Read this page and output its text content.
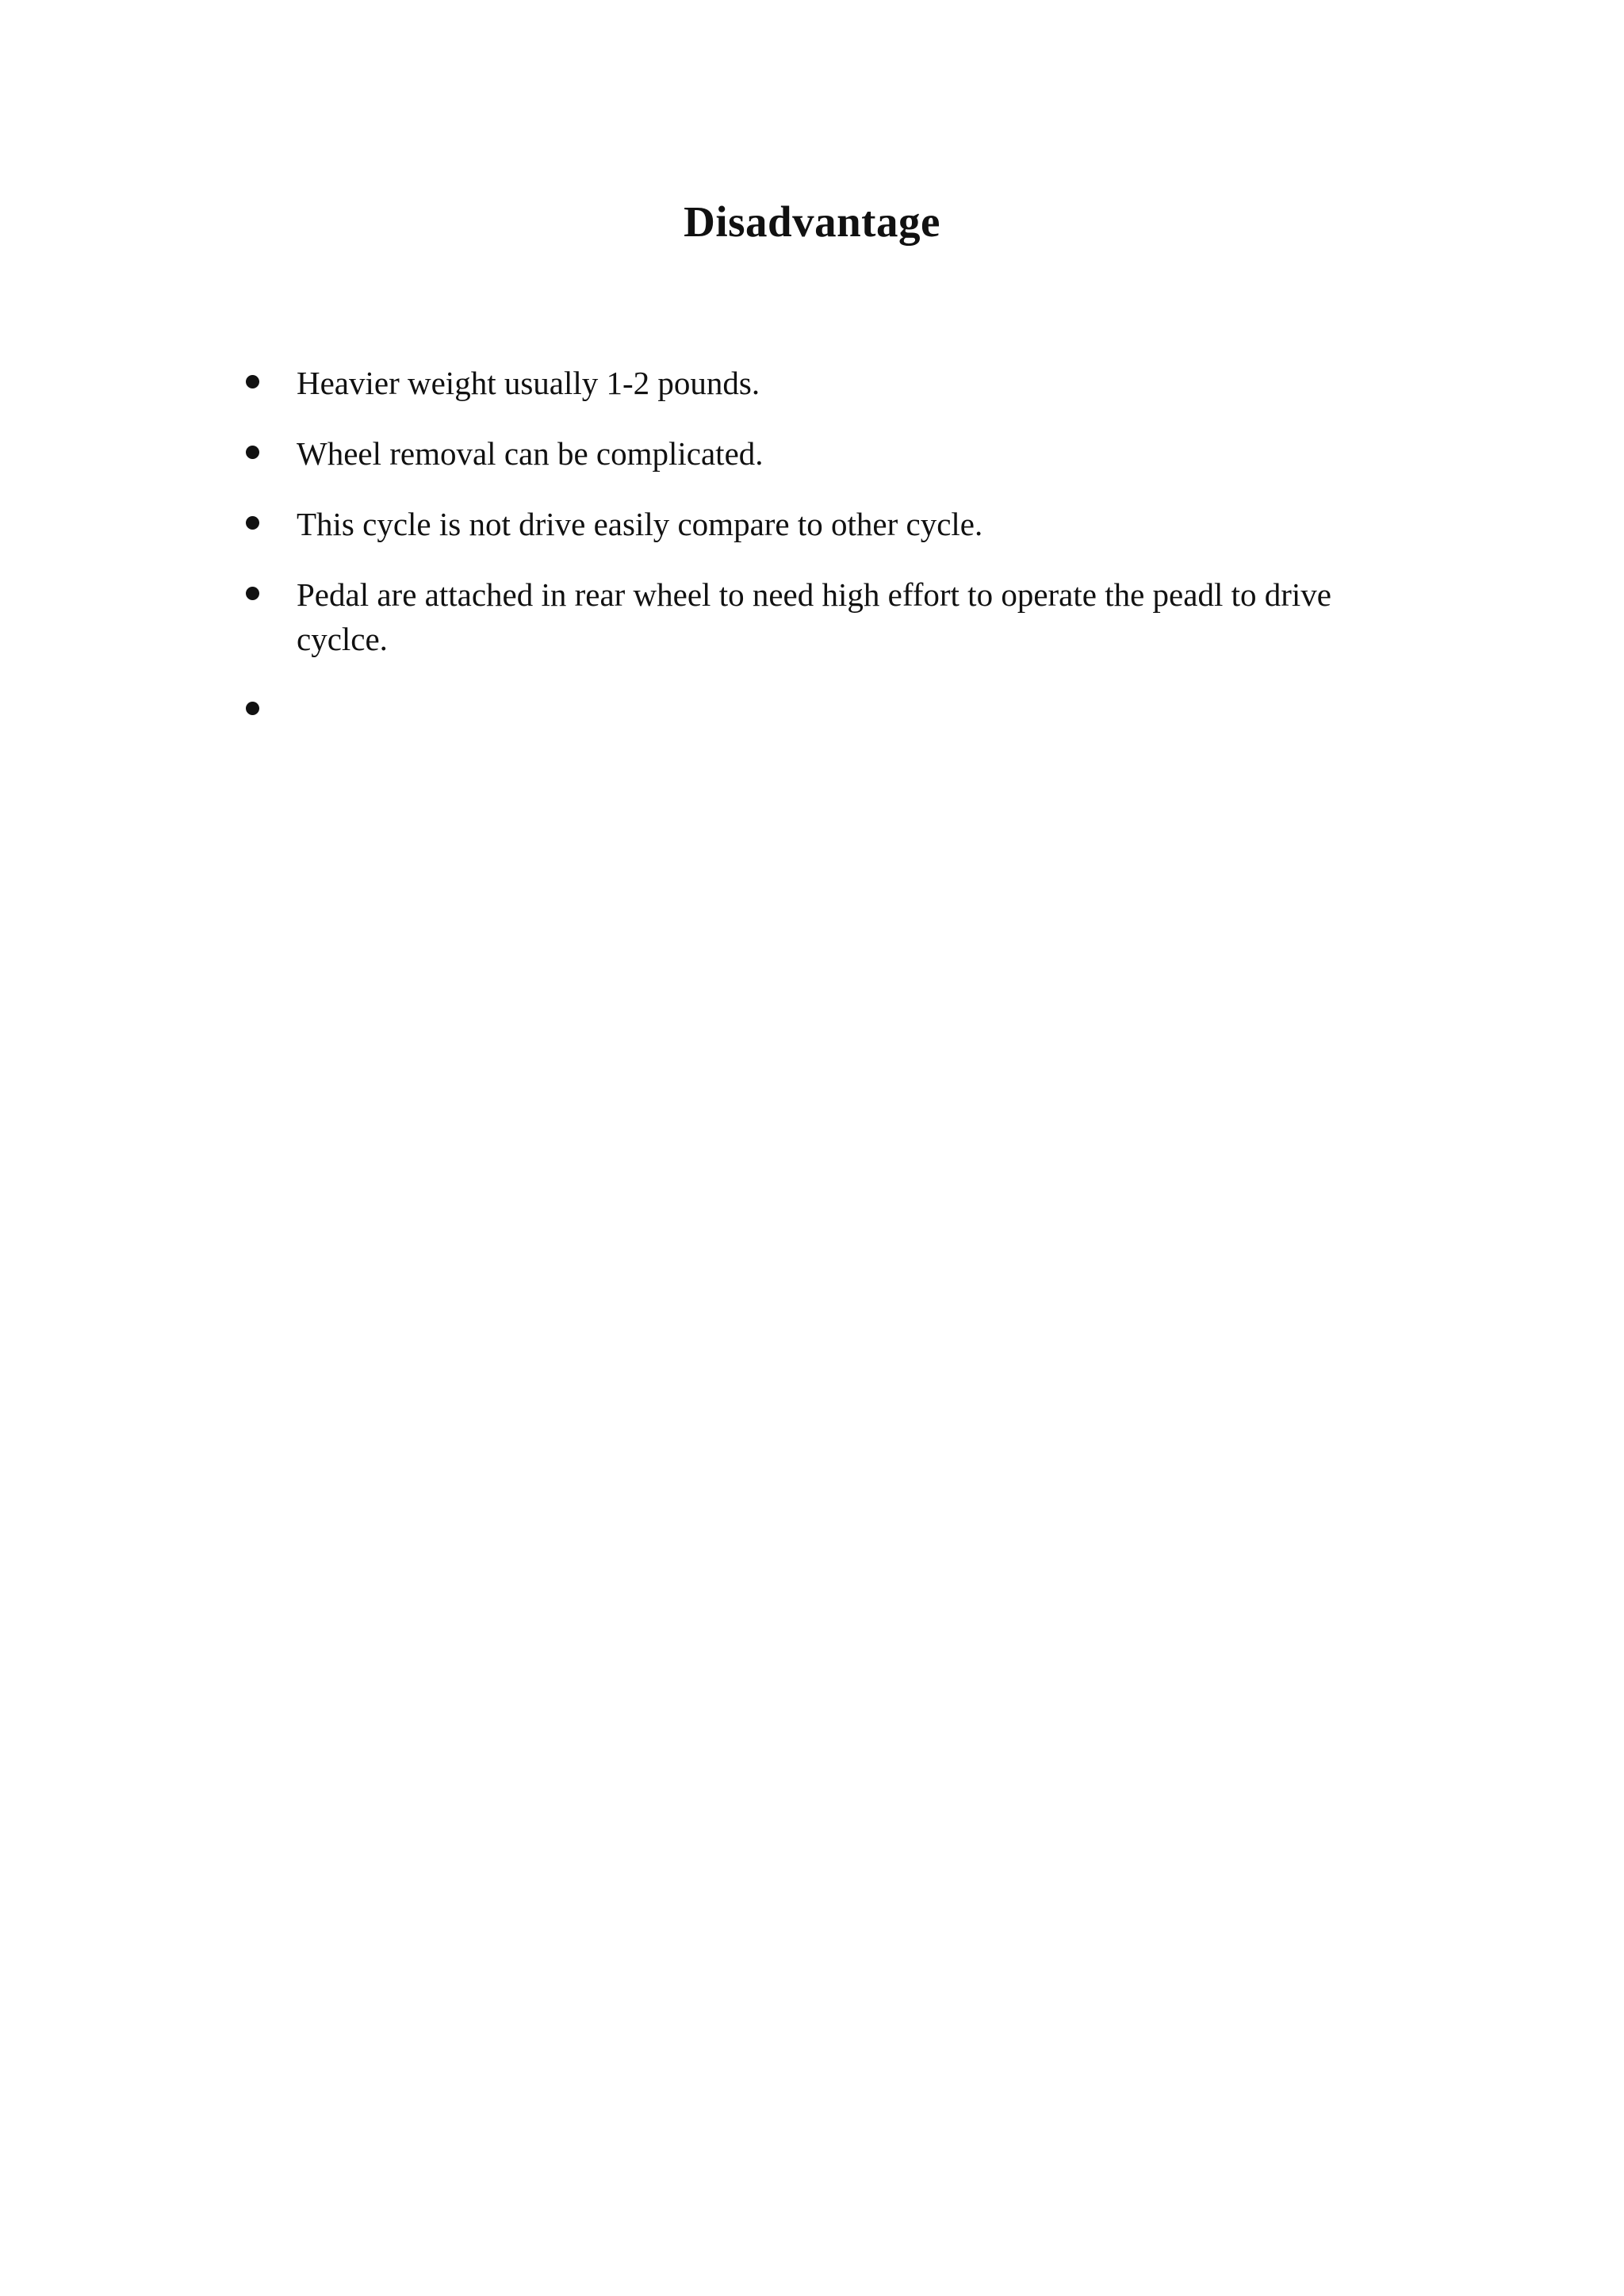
Disadvantage
Heavier weight usually 1-2 pounds.
Wheel removal can be complicated.
This cycle is not drive easily compare to other cycle.
Pedal are attached in rear wheel to need high effort to operate the peadl to drive cyclce.
